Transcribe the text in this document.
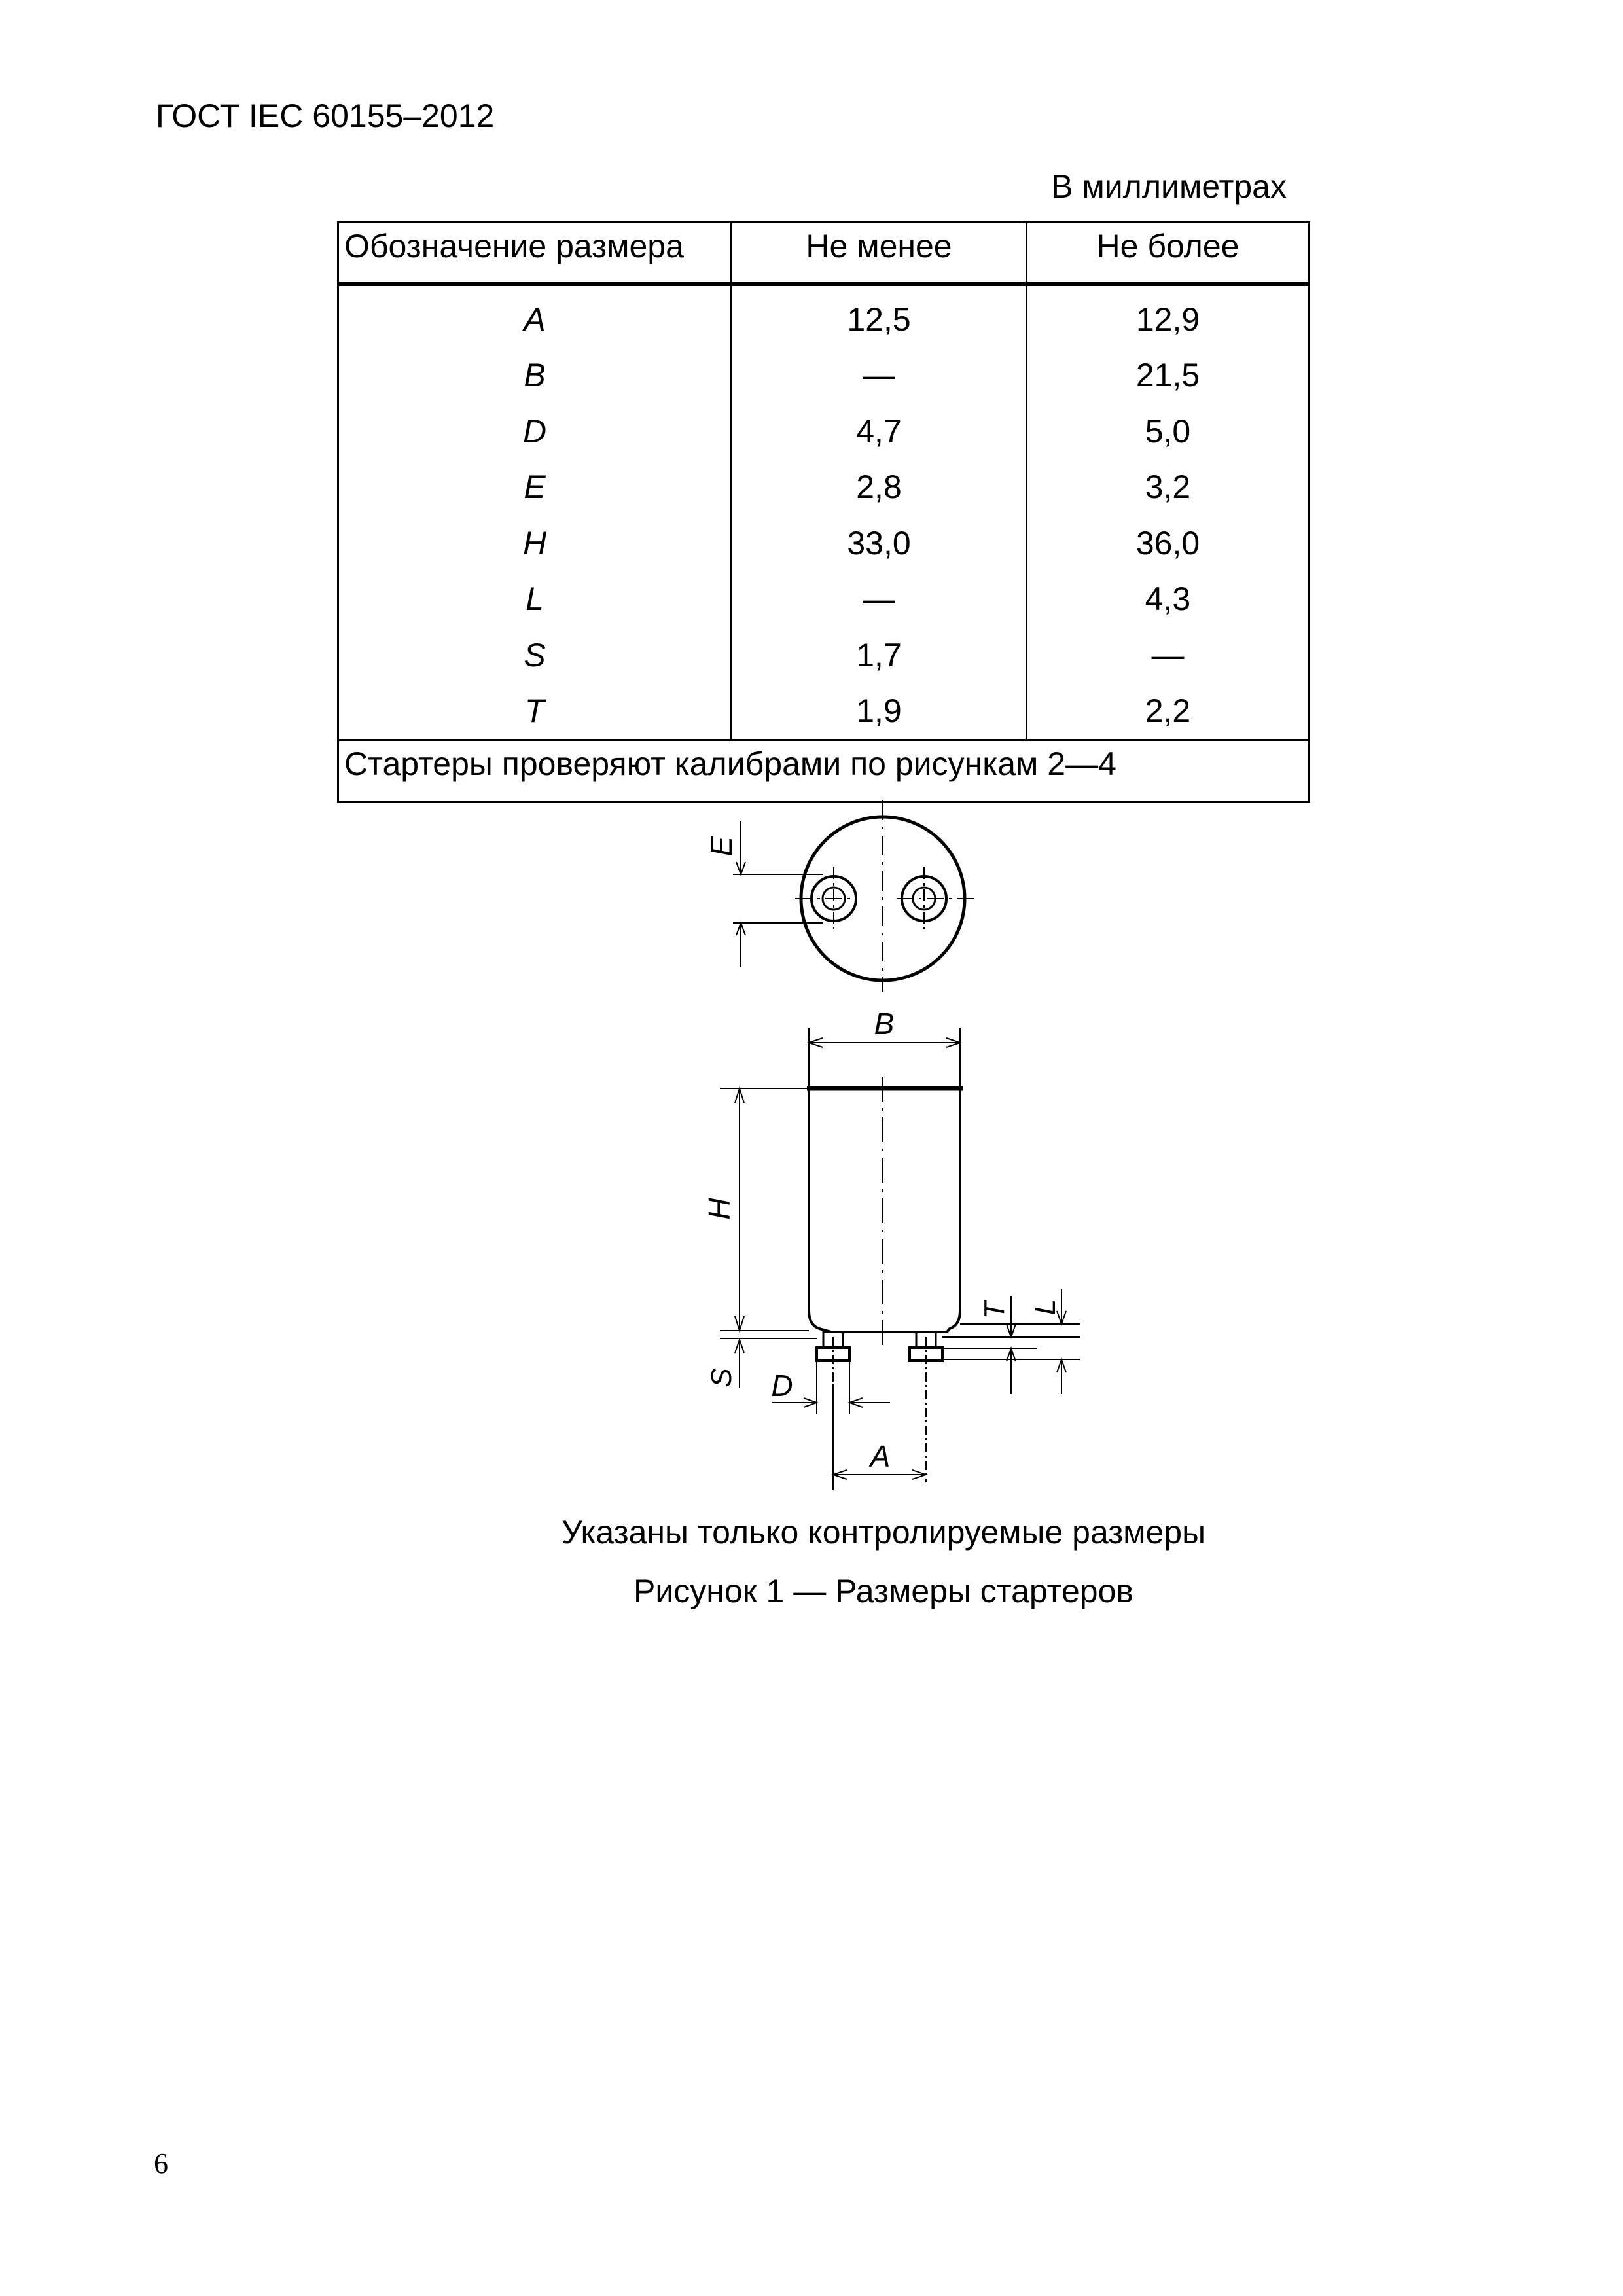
ГОСТ IEC 60155–2012
В миллиметрах
Обозначение размера	Не менее	Не более
A	12,5	12,9
B	—	21,5
D	4,7	5,0
E	2,8	3,2
H	33,0	36,0
L	—	4,3
S	1,7	—
T	1,9	2,2
Стартеры проверяют калибрами по рисункам 2—4		
E
B
H
T L
S D
A
Указаны только контролируемые размеры
Рисунок 1 — Размеры стартеров
6
